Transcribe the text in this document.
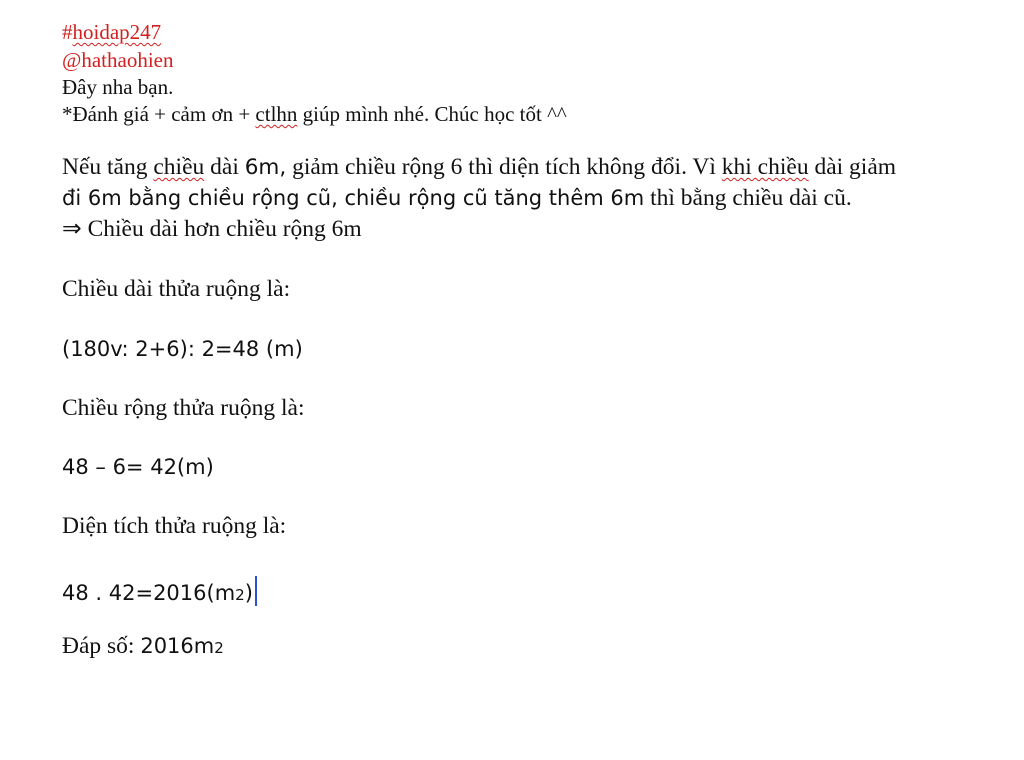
#hoidap247
@hathaohien
Đây nha bạn.
*Đánh giá + cảm ơn + ctlhn giúp mình nhé. Chúc học tốt ^^
Nếu tăng chiều dài 6m, giảm chiều rộng 6 thì diện tích không đổi. Vì khi chiều dài giảm
đi 6m bằng chiều rộng cũ, chiều rộng cũ tăng thêm 6m thì bằng chiều dài cũ.
⇒ Chiều dài hơn chiều rộng 6m
Chiều dài thửa ruộng là:
(180v: 2+6): 2=48 (m)
Chiều rộng thửa ruộng là:
48 – 6= 42(m)
Diện tích thửa ruộng là:
48 . 42=2016(m2)
Đáp số: 2016m2
